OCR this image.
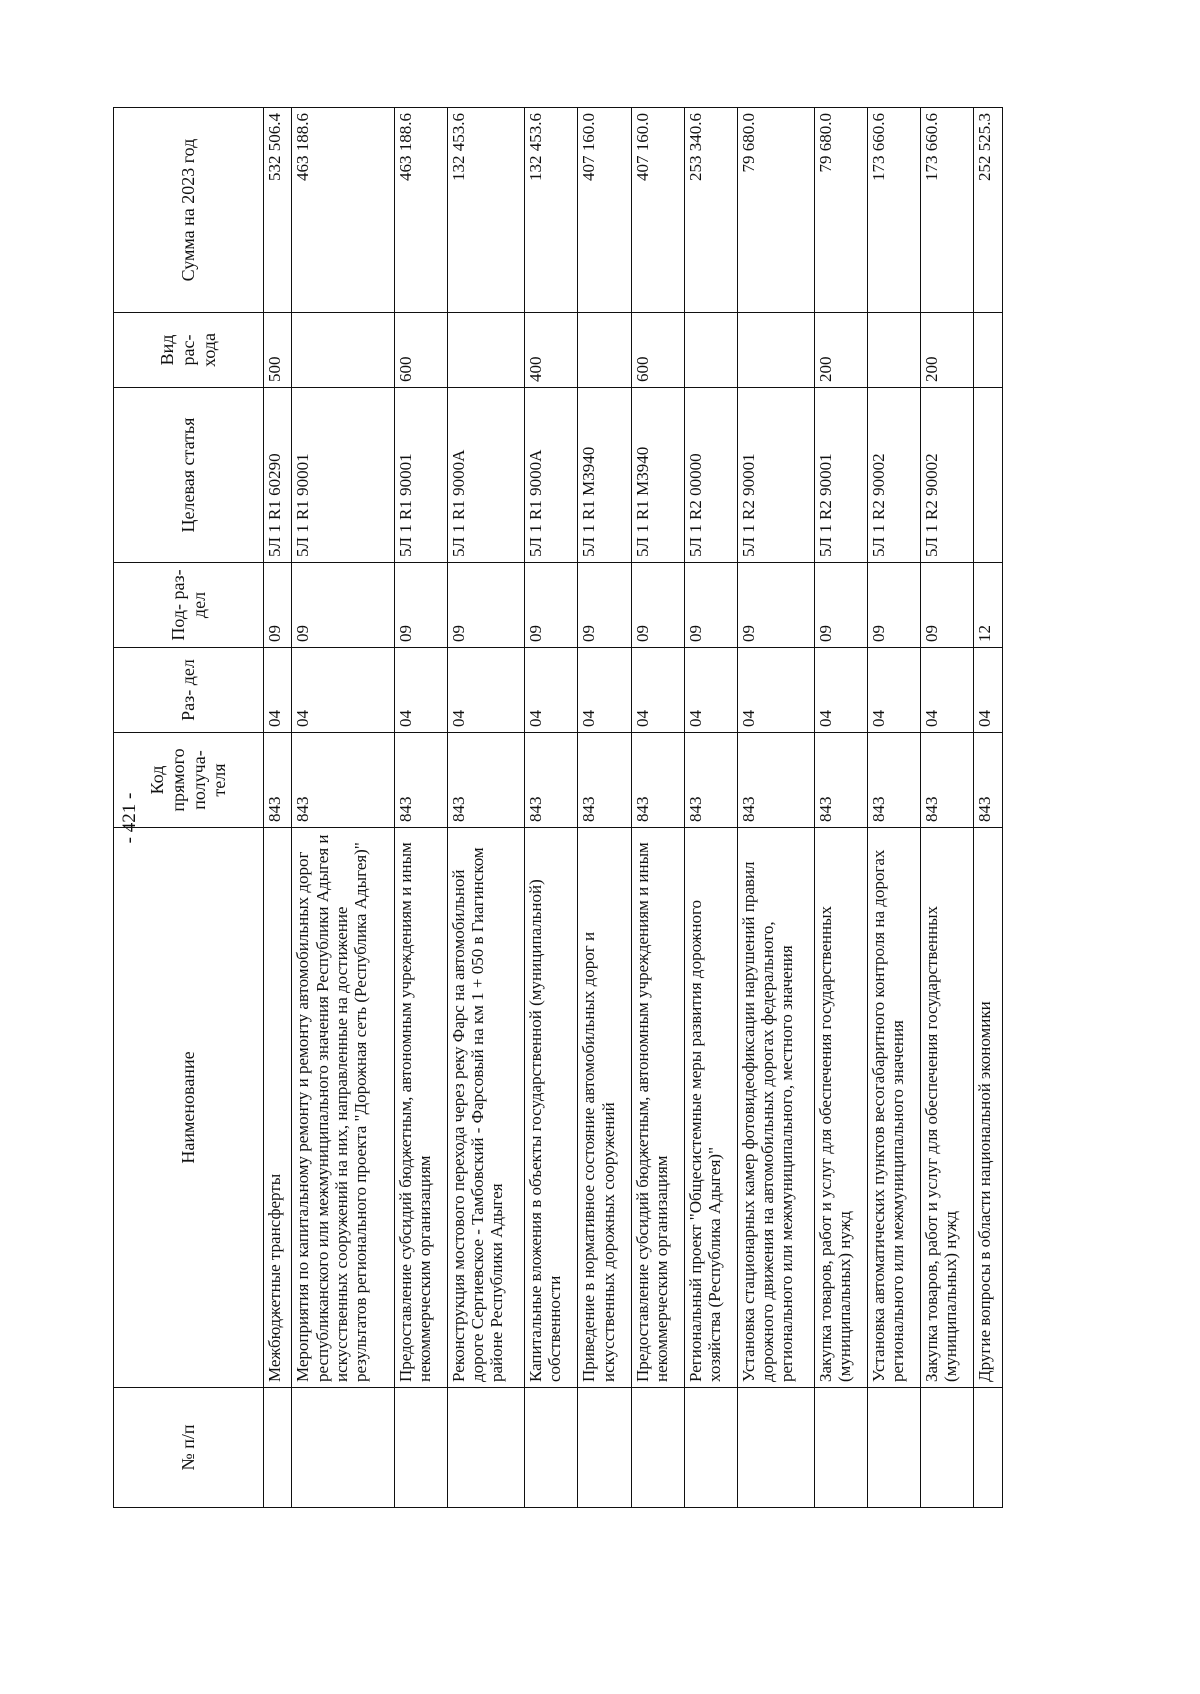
- 421 -
№ п/п	Наименование	Код прямого получа- теля	Раз- дел	Под- раз- дел	Целевая статья	Вид рас- хода	Сумма на 2023 год
	Межбюджетные трансферты	843	04	09	5Л 1 R1 60290	500	532 506.4
	Мероприятия по капитальному ремонту и ремонту автомобильных дорог республиканского или межмуниципального значения Республики Адыгея и искусственных сооружений на них, направленные на достижение результатов регионального проекта "Дорожная сеть (Республика Адыгея)"	843	04	09	5Л 1 R1 90001		463 188.6
	Предоставление субсидий бюджетным, автономным учреждениям и иным некоммерческим организациям	843	04	09	5Л 1 R1 90001	600	463 188.6
	Реконструкция мостового перехода через реку Фарс на автомобильной дороге Сергиевское - Тамбовский - Фарсовый на км 1 + 050 в Гиагинском районе Республики Адыгея	843	04	09	5Л 1 R1 9000А		132 453.6
	Капитальные вложения в объекты государственной (муниципальной) собственности	843	04	09	5Л 1 R1 9000А	400	132 453.6
	Приведение в нормативное состояние автомобильных дорог и искусственных дорожных сооружений	843	04	09	5Л 1 R1 М3940		407 160.0
	Предоставление субсидий бюджетным, автономным учреждениям и иным некоммерческим организациям	843	04	09	5Л 1 R1 М3940	600	407 160.0
	Региональный проект "Общесистемные меры развития дорожного хозяйства (Республика Адыгея)"	843	04	09	5Л 1 R2 00000		253 340.6
	Установка стационарных камер фотовидеофиксации нарушений правил дорожного движения на автомобильных дорогах федерального, регионального или межмуниципального, местного значения	843	04	09	5Л 1 R2 90001		79 680.0
	Закупка товаров, работ и услуг для обеспечения государственных (муниципальных) нужд	843	04	09	5Л 1 R2 90001	200	79 680.0
	Установка автоматических пунктов весогабаритного контроля на дорогах регионального или межмуниципального значения	843	04	09	5Л 1 R2 90002		173 660.6
	Закупка товаров, работ и услуг для обеспечения государственных (муниципальных) нужд	843	04	09	5Л 1 R2 90002	200	173 660.6
	Другие вопросы в области национальной экономики	843	04	12			252 525.3
